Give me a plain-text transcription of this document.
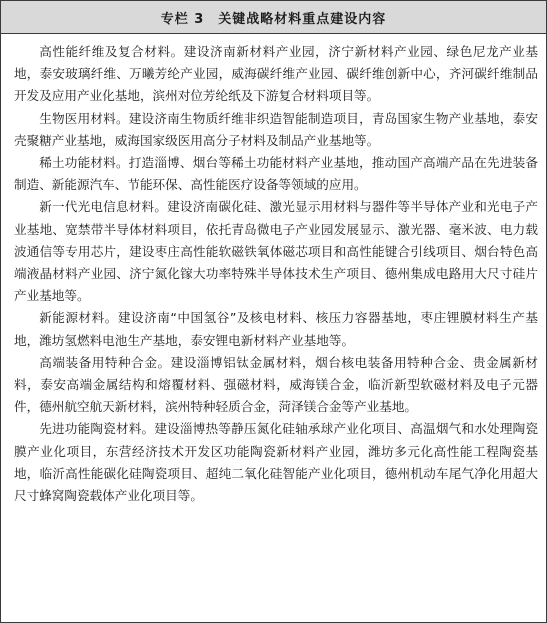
专栏 3 关键战略材料重点建设内容

高性能纤维及复合材料。建设济南新材料产业园，济宁新材料产业园、绿色尼龙产业基地，泰安玻璃纤维、万曦芳纶产业园，威海碳纤维产业园、碳纤维创新中心，齐河碳纤维制品开发及应用产业化基地，滨州对位芳纶纸及下游复合材料项目等。

生物医用材料。建设济南生物质纤维非织造智能制造项目，青岛国家生物产业基地，泰安壳聚糖产业基地，威海国家级医用高分子材料及制品产业基地等。

稀土功能材料。打造淄博、烟台等稀土功能材料产业基地，推动国产高端产品在先进装备制造、新能源汽车、节能环保、高性能医疗设备等领域的应用。

新一代光电信息材料。建设济南碳化硅、激光显示用材料与器件等半导体产业和光电子产业基地、宽禁带半导体材料项目，依托青岛微电子产业园发展显示、激光器、毫米波、电力载波通信等专用芯片，建设枣庄高性能软磁铁氧体磁芯项目和高性能键合引线项目、烟台特色高端液晶材料产业园、济宁氮化镓大功率特殊半导体技术生产项目、德州集成电路用大尺寸硅片产业基地等。

新能源材料。建设济南“中国氢谷”及核电材料、核压力容器基地，枣庄锂膜材料生产基地，潍坊氢燃料电池生产基地，泰安锂电新材料产业基地等。

高端装备用特种合金。建设淄博铝钛金属材料，烟台核电装备用特种合金、贵金属新材料，泰安高端金属结构和熔覆材料、强磁材料，威海镁合金，临沂新型软磁材料及电子元器件，德州航空航天新材料，滨州特种轻质合金，菏泽镁合金等产业基地。

先进功能陶瓷材料。建设淄博热等静压氮化硅轴承球产业化项目、高温烟气和水处理陶瓷膜产业化项目，东营经济技术开发区功能陶瓷新材料产业园，潍坊多元化高性能工程陶瓷基地，临沂高性能碳化硅陶瓷项目、超纯二氧化硅智能产业化项目，德州机动车尾气净化用超大尺寸蜂窝陶瓷载体产业化项目等。
